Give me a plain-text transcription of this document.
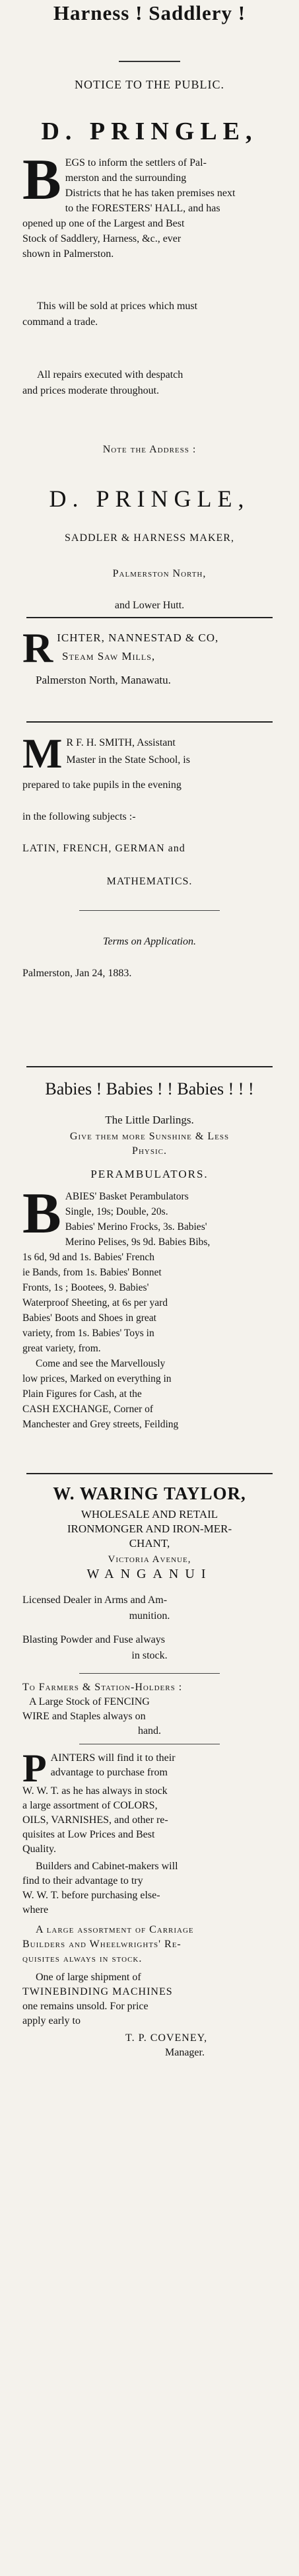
Harness ! Saddlery !

NOTICE TO THE PUBLIC.

D. PRINGLE,

B EGS to inform the settlers of Pal-

merston and the surrounding

Districts that he has taken premises next

to the FORESTERS' HALL, and has

opened up one of the Largest and Best

Stock of Saddlery, Harness, &c., ever

shown in Palmerston.

This will be sold at prices which must

command a trade.

All repairs executed with despatch

and prices moderate throughout.

Note the Address :

D. PRINGLE,

SADDLER & HARNESS MAKER,

Palmerston North,

and Lower Hutt.

R ICHTER, NANNESTAD & CO,

Steam Saw Mills,

Palmerston North, Manawatu.

M R F. H. SMITH, Assistant

Master in the State School, is

prepared to take pupils in the evening

in the following subjects :-

LATIN, FRENCH, GERMAN and

MATHEMATICS.

Terms on Application.

Palmerston, Jan 24, 1883.

Babies ! Babies ! ! Babies ! ! !

The Little Darlings.

Give them more Sunshine & Less

Physic.

PERAMBULATORS.

B ABIES' Basket Perambulators

Single, 19s; Double, 20s.

Babies' Merino Frocks, 3s. Babies'

Merino Pelises, 9s 9d. Babies Bibs,

1s 6d, 9d and 1s. Babies' French

ie Bands, from 1s. Babies' Bonnet

Fronts, 1s ; Bootees, 9. Babies'

Waterproof Sheeting, at 6s per yard

Babies' Boots and Shoes in great

variety, from 1s. Babies' Toys in

great variety, from.

Come and see the Marvellously

low prices, Marked on everything in

Plain Figures for Cash, at the

CASH EXCHANGE, Corner of

Manchester and Grey streets, Feilding

W. WARING TAYLOR,

WHOLESALE AND RETAIL

IRONMONGER AND IRON-MER-

CHANT,

Victoria Avenue,

WANGANUI

Licensed Dealer in Arms and Am-

munition.

Blasting Powder and Fuse always

in stock.

To Farmers & Station-Holders :

A Large Stock of FENCING

WIRE and Staples always on

hand.

P AINTERS will find it to their

advantage to purchase from

W. W. T. as he has always in stock

a large assortment of COLORS,

OILS, VARNISHES, and other re-

quisites at Low Prices and Best

Quality.

Builders and Cabinet-makers will

find to their advantage to try

W. W. T. before purchasing else-

where

A large assortment of Carriage

Builders and Wheelwrights' Re-

quisites always in stock.

One of large shipment of

TWINEBINDING MACHINES

one remains unsold. For price

apply early to

T. P. COVENEY,

Manager.
